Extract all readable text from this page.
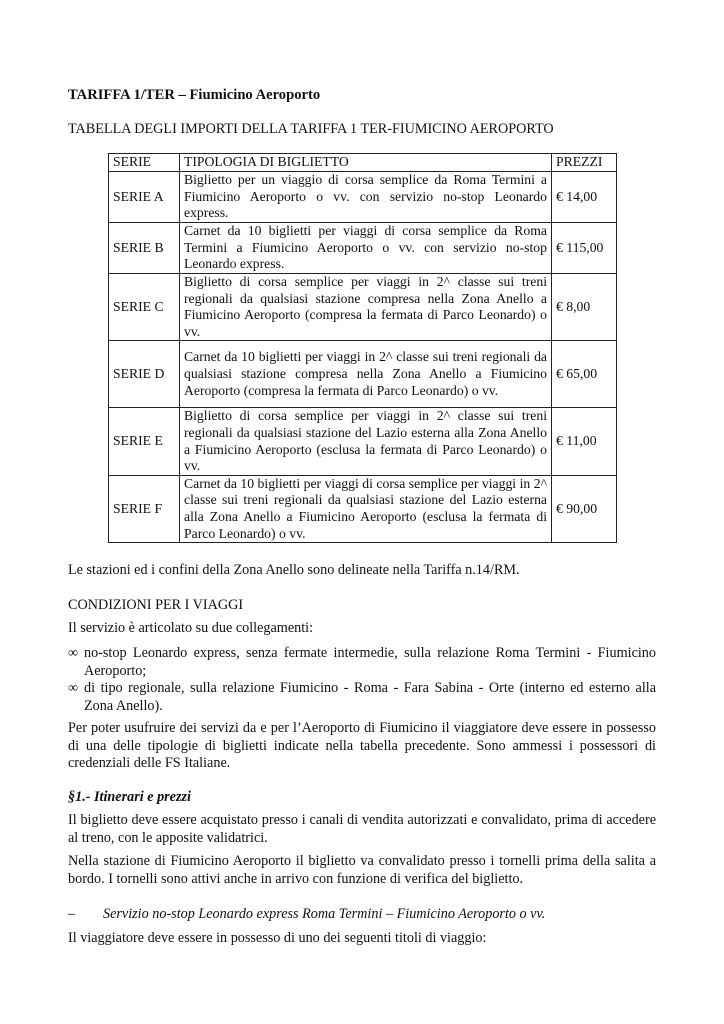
TARIFFA 1/TER – Fiumicino Aeroporto
TABELLA DEGLI IMPORTI DELLA TARIFFA 1 TER-FIUMICINO AEROPORTO
SERIE	TIPOLOGIA DI BIGLIETTO	PREZZI
SERIE A	Biglietto per un viaggio di corsa semplice da Roma Termini a Fiumicino Aeroporto o vv. con servizio no-stop Leonardo express.	€ 14,00
SERIE B	Carnet da 10 biglietti per viaggi di corsa semplice da Roma Termini a Fiumicino Aeroporto o vv. con servizio no-stop Leonardo express.	€ 115,00
SERIE C	Biglietto di corsa semplice per viaggi in 2^ classe sui treni regionali da qualsiasi stazione compresa nella Zona Anello a Fiumicino Aeroporto (compresa la fermata di Parco Leonardo) o vv.	€ 8,00
SERIE D	Carnet da 10 biglietti per viaggi in 2^ classe sui treni regionali da qualsiasi stazione compresa nella Zona Anello a Fiumicino Aeroporto (compresa la fermata di Parco Leonardo) o vv.	€ 65,00
SERIE E	Biglietto di corsa semplice per viaggi in 2^ classe sui treni regionali da qualsiasi stazione del Lazio esterna alla Zona Anello a Fiumicino Aeroporto (esclusa la fermata di Parco Leonardo) o vv.	€ 11,00
SERIE F	Carnet da 10 biglietti per viaggi di corsa semplice per viaggi in 2^ classe sui treni regionali da qualsiasi stazione del Lazio esterna alla Zona Anello a Fiumicino Aeroporto (esclusa la fermata di Parco Leonardo) o vv.	€ 90,00
Le stazioni ed i confini della Zona Anello sono delineate nella Tariffa n.14/RM.
CONDIZIONI PER I VIAGGI
Il servizio è articolato su due collegamenti:
∞ no-stop Leonardo express, senza fermate intermedie, sulla relazione Roma Termini - Fiumicino Aeroporto;
∞ di tipo regionale, sulla relazione Fiumicino - Roma - Fara Sabina - Orte (interno ed esterno alla Zona Anello).
Per poter usufruire dei servizi da e per l’Aeroporto di Fiumicino il viaggiatore deve essere in possesso di una delle tipologie di biglietti indicate nella tabella precedente. Sono ammessi i possessori di credenziali delle FS Italiane.
§1.- Itinerari e prezzi
Il biglietto deve essere acquistato presso i canali di vendita autorizzati e convalidato, prima di accedere al treno, con le apposite validatrici.
Nella stazione di Fiumicino Aeroporto il biglietto va convalidato presso i tornelli prima della salita a bordo. I tornelli sono attivi anche in arrivo con funzione di verifica del biglietto.
– Servizio no-stop Leonardo express Roma Termini – Fiumicino Aeroporto o vv.
Il viaggiatore deve essere in possesso di uno dei seguenti titoli di viaggio:
